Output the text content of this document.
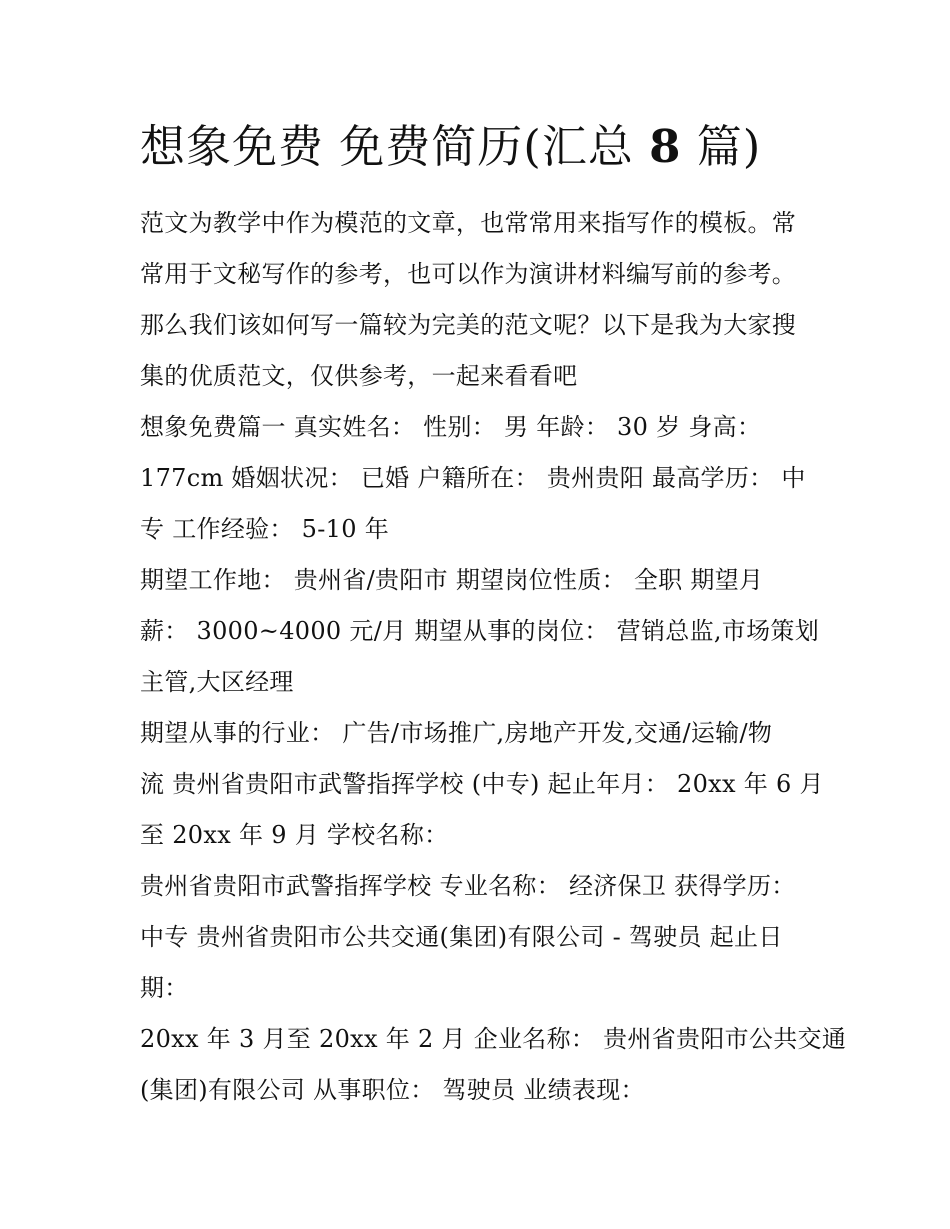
想象免费 免费简历(汇总 8 篇)
范文为教学中作为模范的文章，也常常用来指写作的模板。常
常用于文秘写作的参考，也可以作为演讲材料编写前的参考。
那么我们该如何写一篇较为完美的范文呢？以下是我为大家搜
集的优质范文，仅供参考，一起来看看吧
想象免费篇一 真实姓名： 性别： 男 年龄： 30 岁 身高：
177cm 婚姻状况： 已婚 户籍所在： 贵州贵阳 最高学历： 中
专 工作经验： 5-10 年
期望工作地： 贵州省/贵阳市 期望岗位性质： 全职 期望月
薪： 3000~4000 元/月 期望从事的岗位： 营销总监,市场策划
主管,大区经理
期望从事的行业： 广告/市场推广,房地产开发,交通/运输/物
流 贵州省贵阳市武警指挥学校 (中专) 起止年月： 20xx 年 6 月
至 20xx 年 9 月 学校名称：
贵州省贵阳市武警指挥学校 专业名称： 经济保卫 获得学历：
中专 贵州省贵阳市公共交通(集团)有限公司 - 驾驶员 起止日
期：
20xx 年 3 月至 20xx 年 2 月 企业名称： 贵州省贵阳市公共交通
(集团)有限公司 从事职位： 驾驶员 业绩表现：
